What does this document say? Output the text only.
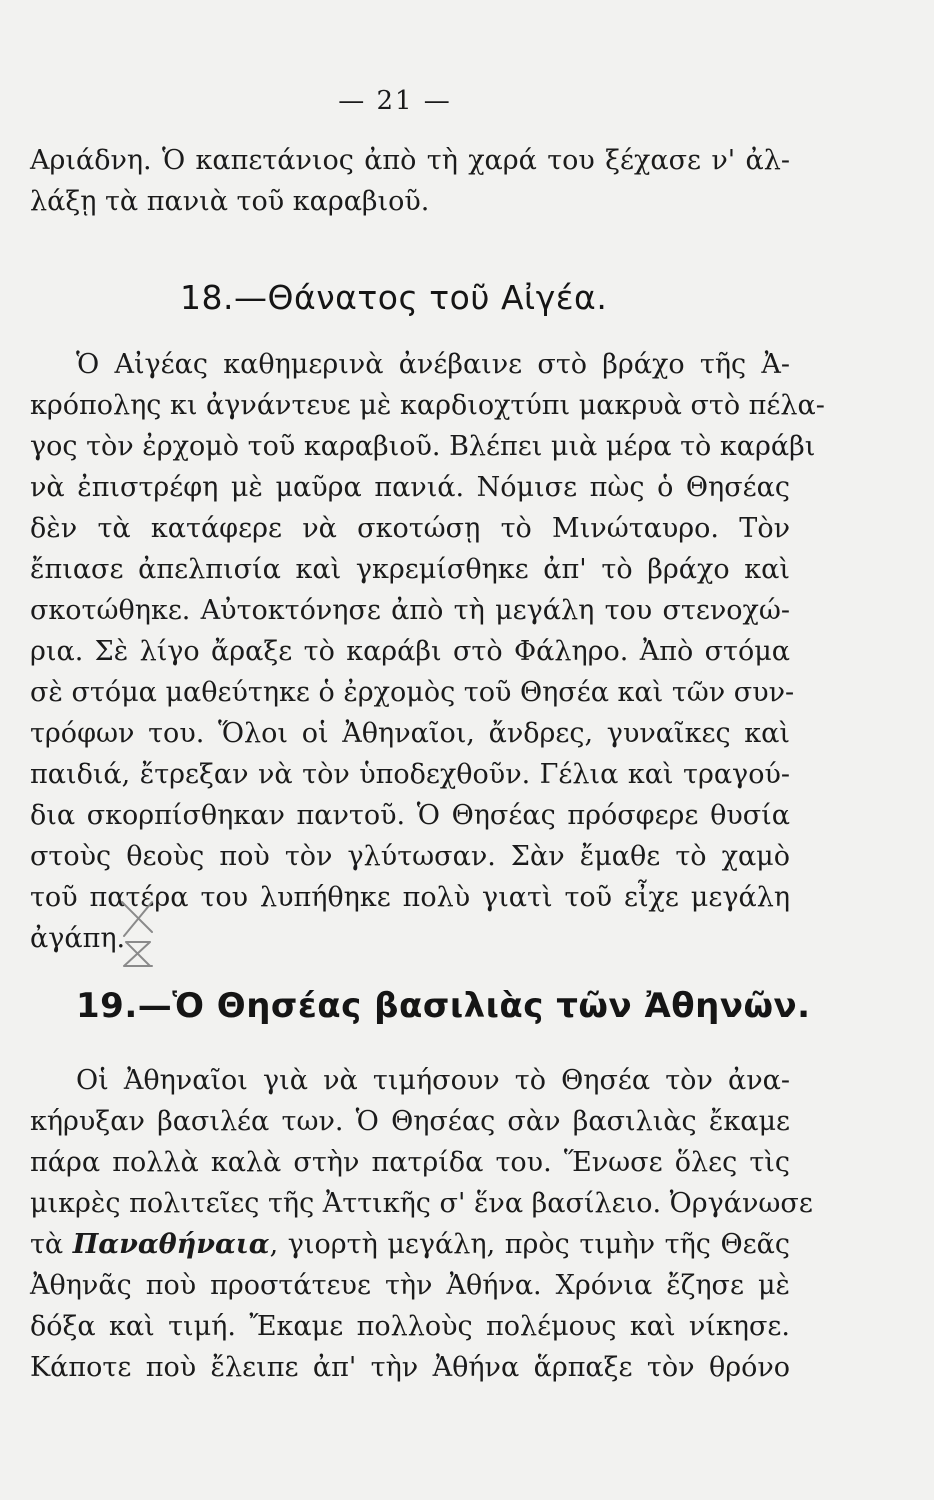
— 21 —
Αριάδνη. Ὁ καπετάνιος ἀπὸ τὴ χαρά του ξέχασε ν' ἀλ-
λάξῃ τὰ πανιὰ τοῦ καραβιοῦ.
18.—Θάνατος τοῦ Αἰγέα.
Ὁ Αἰγέας καθημερινὰ ἀνέβαινε στὸ βράχο τῆς Ἀ-
κρόπολης κι ἀγνάντευε μὲ καρδιοχτύπι μακρυὰ στὸ πέλα-
γος τὸν ἐρχομὸ τοῦ καραβιοῦ. Βλέπει μιὰ μέρα τὸ καράβι
νὰ ἐπιστρέφη μὲ μαῦρα πανιά. Νόμισε πὼς ὁ Θησέας
δὲν τὰ κατάφερε νὰ σκοτώσῃ τὸ Μινώταυρο. Τὸν
ἔπιασε ἀπελπισία καὶ γκρεμίσθηκε ἀπ' τὸ βράχο καὶ
σκοτώθηκε. Αὐτοκτόνησε ἀπὸ τὴ μεγάλη του στενοχώ-
ρια. Σὲ λίγο ἄραξε τὸ καράβι στὸ Φάληρο. Ἀπὸ στόμα
σὲ στόμα μαθεύτηκε ὁ ἐρχομὸς τοῦ Θησέα καὶ τῶν συν-
τρόφων του. Ὅλοι οἱ Ἀθηναῖοι, ἄνδρες, γυναῖκες καὶ
παιδιά, ἔτρεξαν νὰ τὸν ὑποδεχθοῦν. Γέλια καὶ τραγού-
δια σκορπίσθηκαν παντοῦ. Ὁ Θησέας πρόσφερε θυσία
στοὺς θεοὺς ποὺ τὸν γλύτωσαν. Σὰν ἔμαθε τὸ χαμὸ
τοῦ πατέρα του λυπήθηκε πολὺ γιατὶ τοῦ εἶχε μεγάλη
ἀγάπη.
19.—Ὁ Θησέας βασιλιὰς τῶν Ἀθηνῶν.
Οἱ Ἀθηναῖοι γιὰ νὰ τιμήσουν τὸ Θησέα τὸν ἀνα-
κήρυξαν βασιλέα των. Ὁ Θησέας σὰν βασιλιὰς ἔκαμε
πάρα πολλὰ καλὰ στὴν πατρίδα του. Ἕνωσε ὅλες τὶς
μικρὲς πολιτεῖες τῆς Ἀττικῆς σ' ἕνα βασίλειο. Ὀργάνωσε
τὰ Παναθήναια, γιορτὴ μεγάλη, πρὸς τιμὴν τῆς Θεᾶς
Ἀθηνᾶς ποὺ προστάτευε τὴν Ἀθήνα. Χρόνια ἔζησε μὲ
δόξα καὶ τιμή. Ἔκαμε πολλοὺς πολέμους καὶ νίκησε.
Κάποτε ποὺ ἔλειπε ἀπ' τὴν Ἀθήνα ἅρπαξε τὸν θρόνο
